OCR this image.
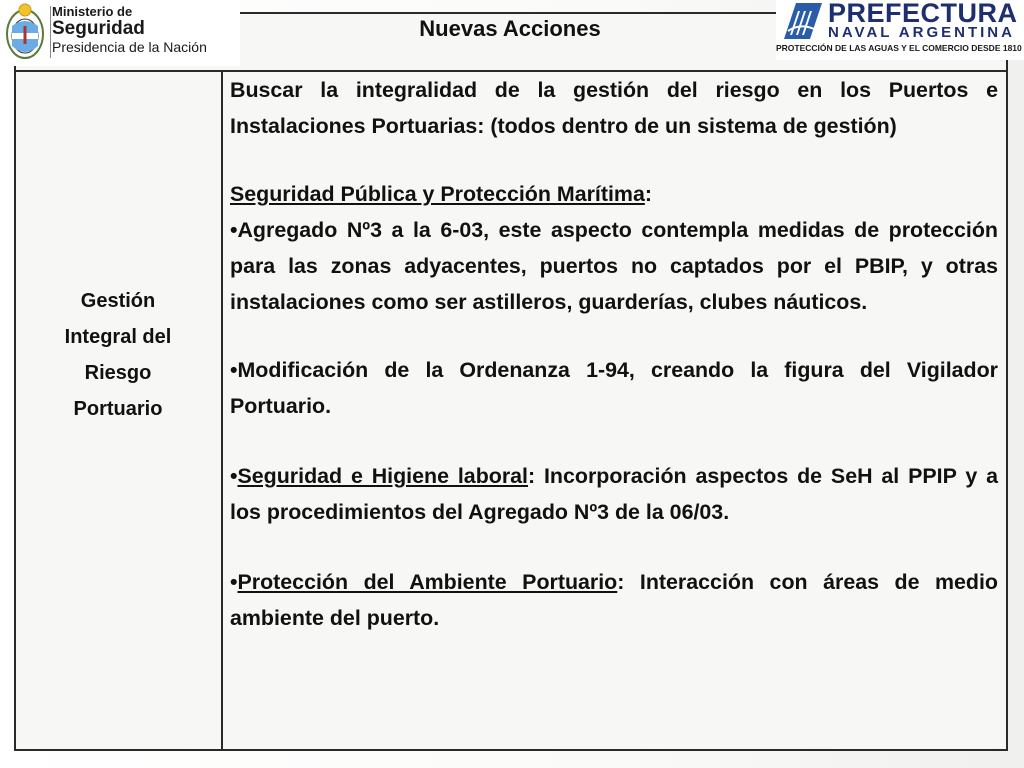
Ministerio de
Seguridad
Presidencia de la Nación
PREFECTURA
NAVAL ARGENTINA
PROTECCIÓN DE LAS AGUAS Y EL COMERCIO DESDE 1810
Nuevas Acciones
Gestión
Integral del
Riesgo
Portuario
Buscar la integralidad de la gestión del riesgo en los Puertos e Instalaciones Portuarias: (todos dentro de un sistema de gestión)
Seguridad Pública y Protección Marítima:
•Agregado Nº3 a la 6-03, este aspecto contempla medidas de protección para las zonas adyacentes, puertos no captados por el PBIP, y otras instalaciones como ser astilleros, guarderías, clubes náuticos.
•Modificación de la Ordenanza 1-94, creando la figura del Vigilador Portuario.
•Seguridad e Higiene laboral: Incorporación aspectos de SeH al PPIP y a los procedimientos del Agregado Nº3 de la 06/03.
•Protección del Ambiente Portuario: Interacción con áreas de medio ambiente del puerto.
